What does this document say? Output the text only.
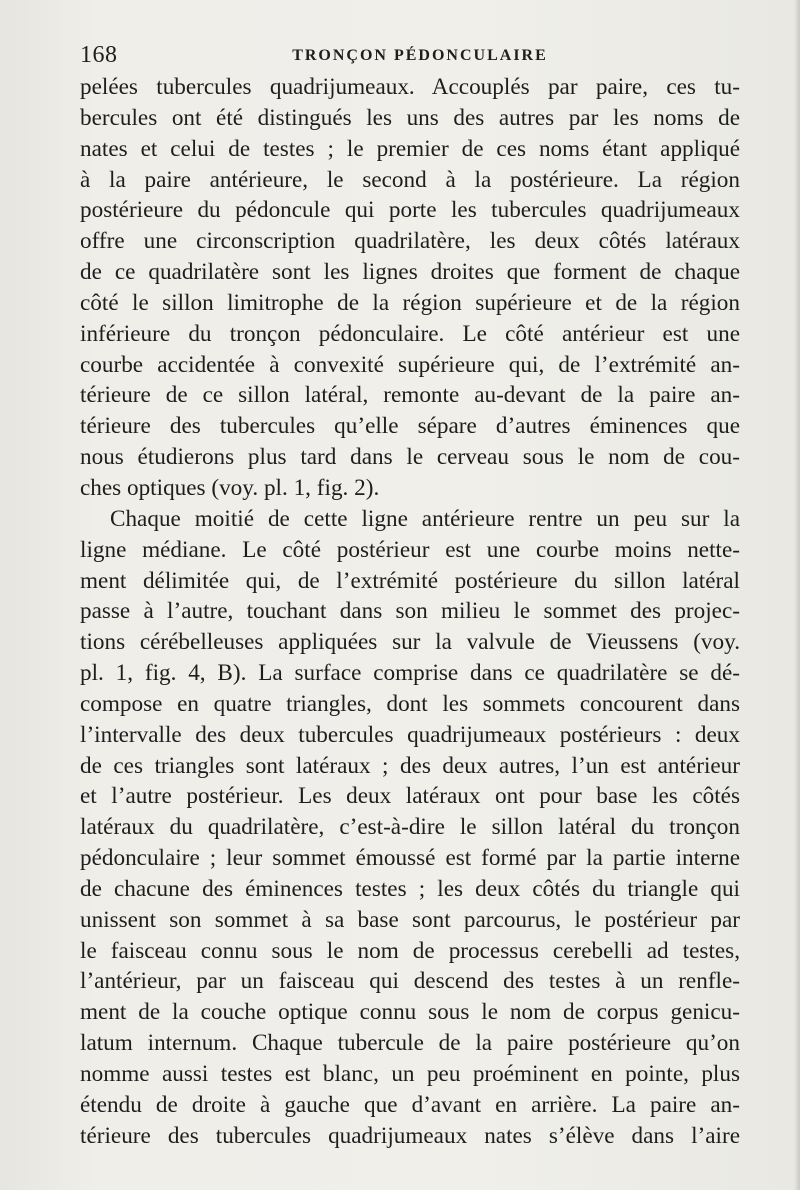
168	TRONÇON PÉDONCULAIRE
pelées tubercules quadrijumeaux. Accouplés par paire, ces tu-
bercules ont été distingués les uns des autres par les noms de
nates et celui de testes ; le premier de ces noms étant appliqué
à la paire antérieure, le second à la postérieure. La région
postérieure du pédoncule qui porte les tubercules quadrijumeaux
offre une circonscription quadrilatère, les deux côtés latéraux
de ce quadrilatère sont les lignes droites que forment de chaque
côté le sillon limitrophe de la région supérieure et de la région
inférieure du tronçon pédonculaire. Le côté antérieur est une
courbe accidentée à convexité supérieure qui, de l’extrémité an-
térieure de ce sillon latéral, remonte au-devant de la paire an-
térieure des tubercules qu’elle sépare d’autres éminences que
nous étudierons plus tard dans le cerveau sous le nom de cou-
ches optiques (voy. pl. 1, fig. 2).
Chaque moitié de cette ligne antérieure rentre un peu sur la
ligne médiane. Le côté postérieur est une courbe moins nette-
ment délimitée qui, de l’extrémité postérieure du sillon latéral
passe à l’autre, touchant dans son milieu le sommet des projec-
tions cérébelleuses appliquées sur la valvule de Vieussens (voy.
pl. 1, fig. 4, B). La surface comprise dans ce quadrilatère se dé-
compose en quatre triangles, dont les sommets concourent dans
l’intervalle des deux tubercules quadrijumeaux postérieurs : deux
de ces triangles sont latéraux ; des deux autres, l’un est antérieur
et l’autre postérieur. Les deux latéraux ont pour base les côtés
latéraux du quadrilatère, c’est-à-dire le sillon latéral du tronçon
pédonculaire ; leur sommet émoussé est formé par la partie interne
de chacune des éminences testes ; les deux côtés du triangle qui
unissent son sommet à sa base sont parcourus, le postérieur par
le faisceau connu sous le nom de processus cerebelli ad testes,
l’antérieur, par un faisceau qui descend des testes à un renfle-
ment de la couche optique connu sous le nom de corpus genicu-
latum internum. Chaque tubercule de la paire postérieure qu’on
nomme aussi testes est blanc, un peu proéminent en pointe, plus
étendu de droite à gauche que d’avant en arrière. La paire an-
térieure des tubercules quadrijumeaux nates s’élève dans l’aire
